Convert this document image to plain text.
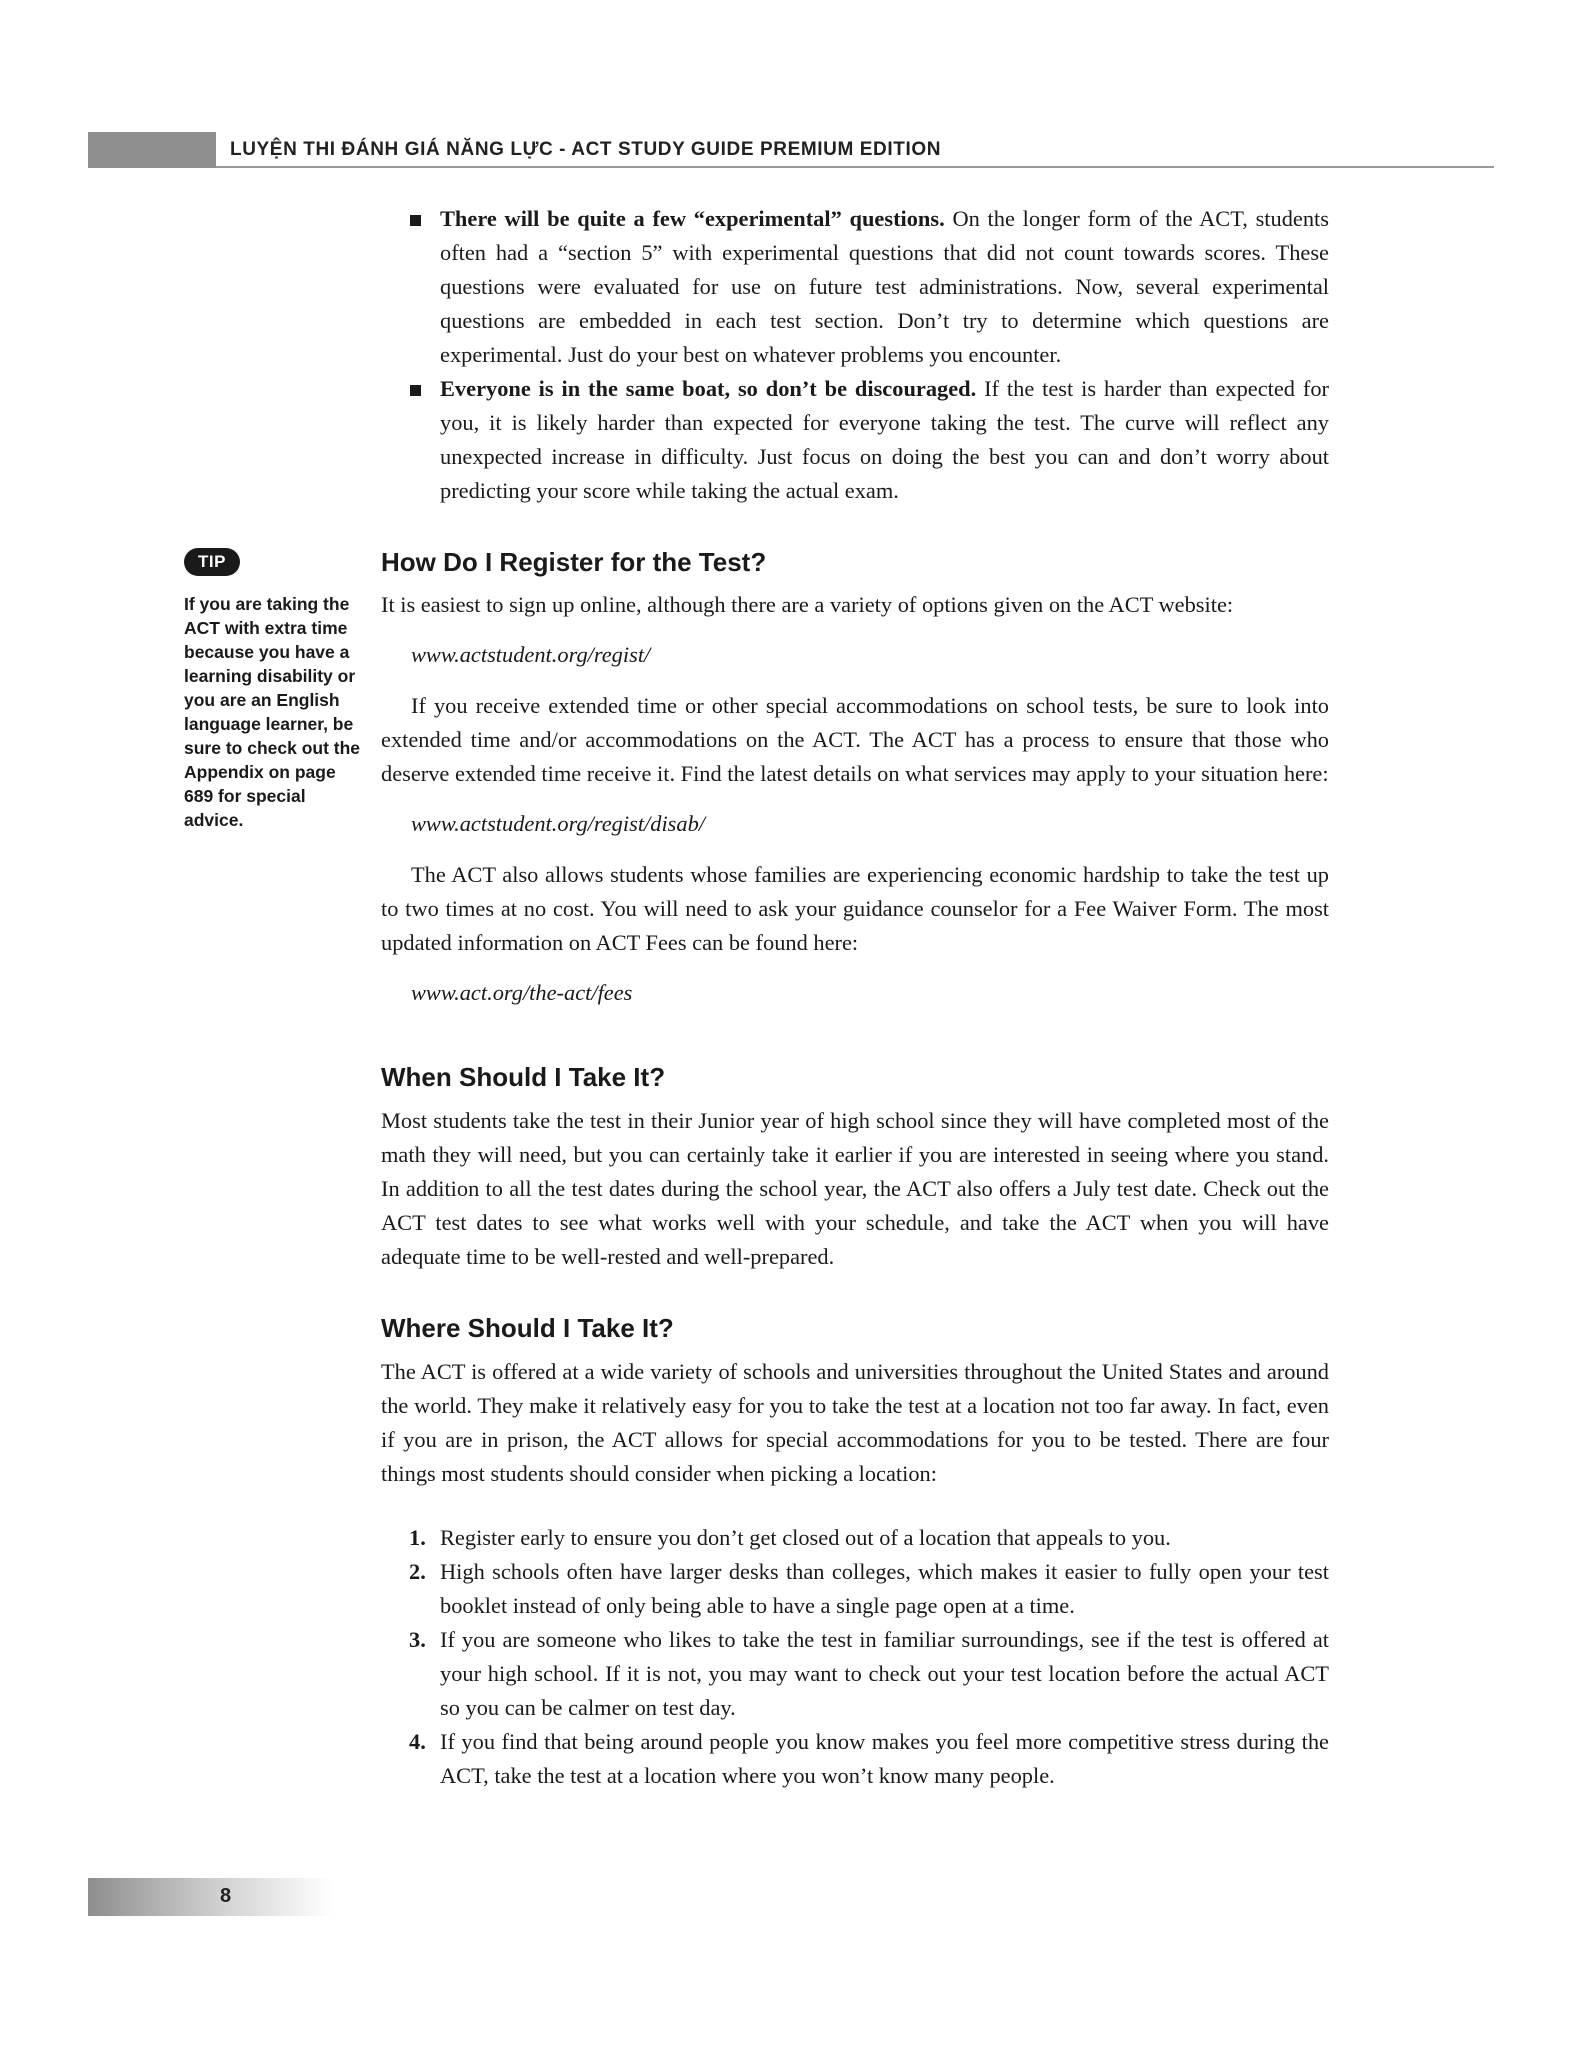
LUYỆN THI ĐÁNH GIÁ NĂNG LỰC - ACT STUDY GUIDE PREMIUM EDITION
TIP
If you are taking the ACT with extra time because you have a learning disability or you are an English language learner, be sure to check out the Appendix on page 689 for special advice.
There will be quite a few “experimental” questions. On the longer form of the ACT, students often had a “section 5” with experimental questions that did not count towards scores. These questions were evaluated for use on future test administrations. Now, several experimental questions are embedded in each test section. Don’t try to determine which questions are experimental. Just do your best on whatever problems you encounter.
Everyone is in the same boat, so don’t be discouraged. If the test is harder than expected for you, it is likely harder than expected for everyone taking the test. The curve will reflect any unexpected increase in difficulty. Just focus on doing the best you can and don’t worry about predicting your score while taking the actual exam.
How Do I Register for the Test?

It is easiest to sign up online, although there are a variety of options given on the ACT website:

www.actstudent.org/regist/

If you receive extended time or other special accommodations on school tests, be sure to look into extended time and/or accommodations on the ACT. The ACT has a process to ensure that those who deserve extended time receive it. Find the latest details on what services may apply to your situation here:

www.actstudent.org/regist/disab/

The ACT also allows students whose families are experiencing economic hardship to take the test up to two times at no cost. You will need to ask your guidance counselor for a Fee Waiver Form. The most updated information on ACT Fees can be found here:

www.act.org/the-act/fees

When Should I Take It?

Most students take the test in their Junior year of high school since they will have completed most of the math they will need, but you can certainly take it earlier if you are interested in seeing where you stand. In addition to all the test dates during the school year, the ACT also offers a July test date. Check out the ACT test dates to see what works well with your schedule, and take the ACT when you will have adequate time to be well-rested and well-prepared.

Where Should I Take It?

The ACT is offered at a wide variety of schools and universities throughout the United States and around the world. They make it relatively easy for you to take the test at a location not too far away. In fact, even if you are in prison, the ACT allows for special accommodations for you to be tested. There are four things most students should consider when picking a location:

1. Register early to ensure you don’t get closed out of a location that appeals to you.
2. High schools often have larger desks than colleges, which makes it easier to fully open your test booklet instead of only being able to have a single page open at a time.
3. If you are someone who likes to take the test in familiar surroundings, see if the test is offered at your high school. If it is not, you may want to check out your test location before the actual ACT so you can be calmer on test day.
4. If you find that being around people you know makes you feel more competitive stress during the ACT, take the test at a location where you won’t know many people.
8
